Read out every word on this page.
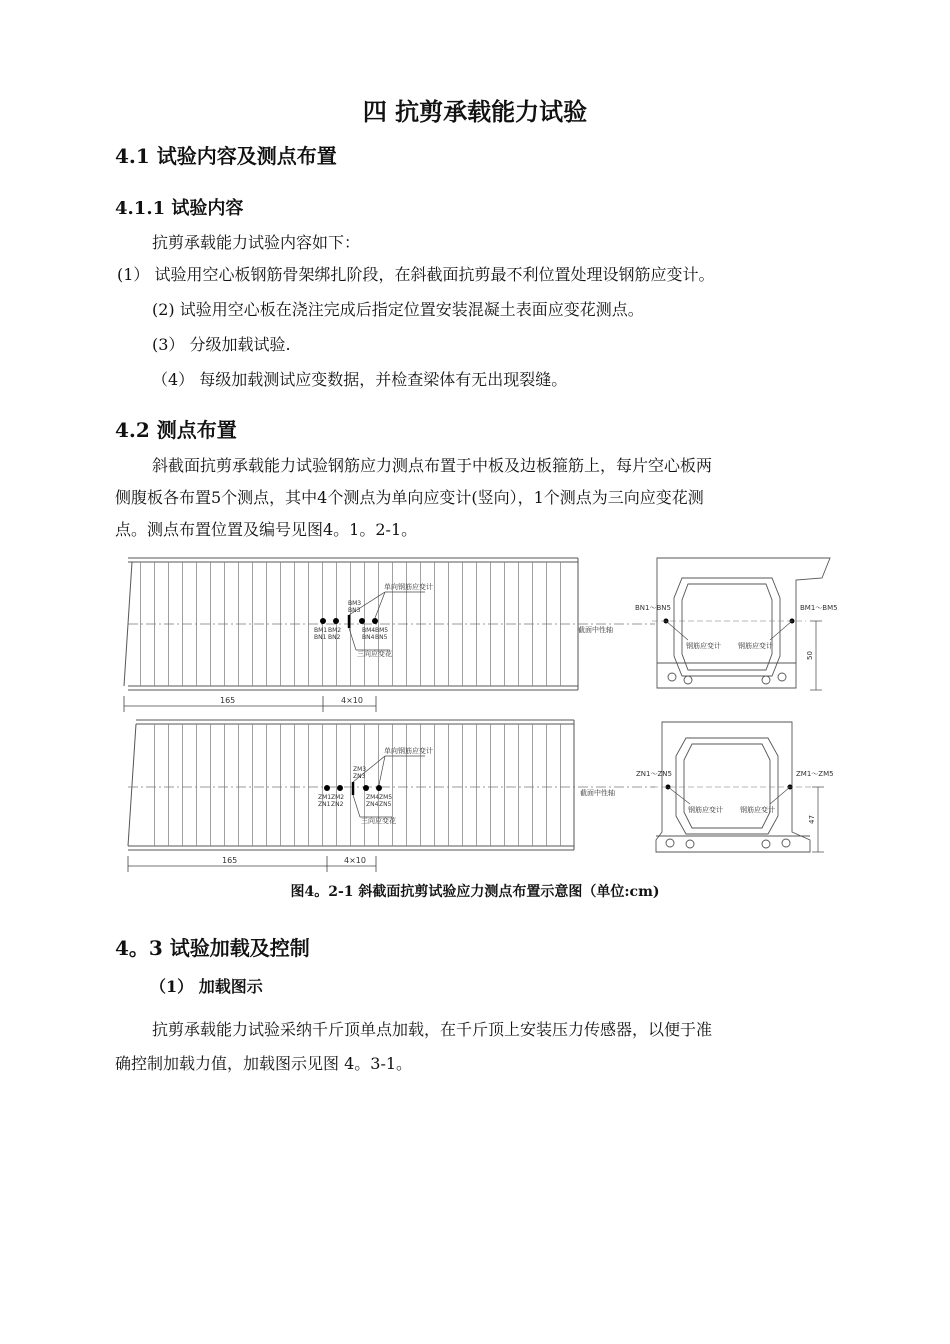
四 抗剪承载能力试验
4.1 试验内容及测点布置
4.1.1 试验内容
抗剪承载能力试验内容如下：
(1） 试验用空心板钢筋骨架绑扎阶段，在斜截面抗剪最不利位置处理设钢筋应变计。
(2) 试验用空心板在浇注完成后指定位置安装混凝土表面应变花测点。
(3） 分级加载试验.
（4） 每级加载测试应变数据，并检查梁体有无出现裂缝。
4.2 测点布置
斜截面抗剪承载能力试验钢筋应力测点布置于中板及边板箍筋上，每片空心板两
侧腹板各布置5个测点，其中4个测点为单向应变计(竖向），1个测点为三向应变花测
点。测点布置位置及编号见图4。1。2-1。
截面中性轴
单向钢筋应变计
BM3
BN3
BM1
BN1
BM2
BN2
BM4
BN4
BM5
BN5
三向应变花
165	4×10
BN1～BN5	BM1～BM5
钢筋应变计 钢筋应变计
50
截面中性轴
单向钢筋应变计
ZM3
ZN3
ZM1
ZN1
ZM2
ZN2
ZM4
ZN4
ZM5
ZN5
三向应变花
165	4×10
ZN1～ZN5	ZM1～ZM5
钢筋应变计 钢筋应变计
47
图4。2-1 斜截面抗剪试验应力测点布置示意图（单位:cm)
4。3 试验加载及控制
（1） 加载图示
抗剪承载能力试验采纳千斤顶单点加载，在千斤顶上安装压力传感器，以便于准
确控制加载力值，加载图示见图 4。3-1。
